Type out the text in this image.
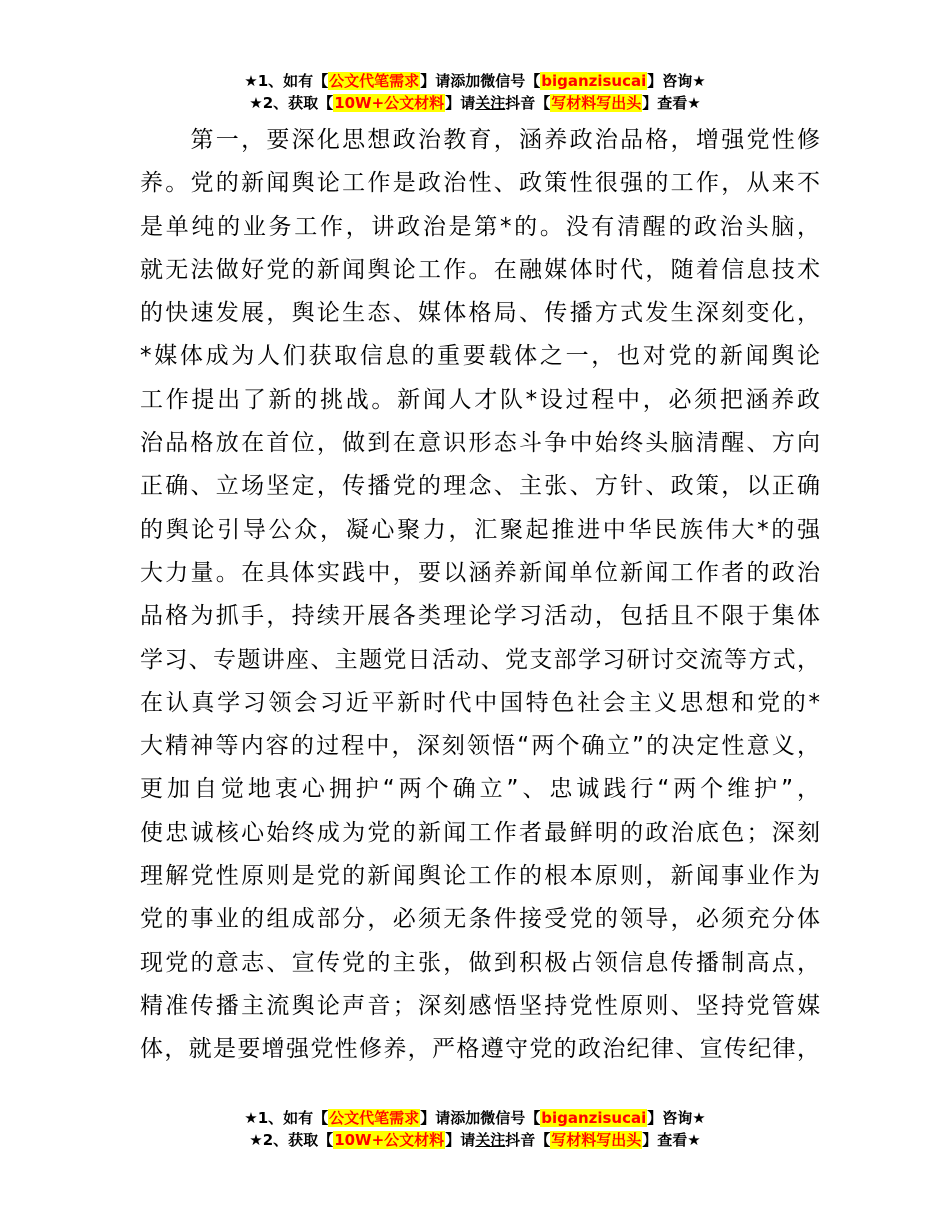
★1、如有【公文代笔需求】请添加微信号【biganzisucai】咨询★
★2、获取【10W+公文材料】请关注抖音【写材料写出头】查看★
　　第一，要深化思想政治教育，涵养政治品格，增强党性修
养。党的新闻舆论工作是政治性、政策性很强的工作，从来不
是单纯的业务工作，讲政治是第*的。没有清醒的政治头脑，
就无法做好党的新闻舆论工作。在融媒体时代，随着信息技术
的快速发展，舆论生态、媒体格局、传播方式发生深刻变化，
*媒体成为人们获取信息的重要载体之一，也对党的新闻舆论
工作提出了新的挑战。新闻人才队*设过程中，必须把涵养政
治品格放在首位，做到在意识形态斗争中始终头脑清醒、方向
正确、立场坚定，传播党的理念、主张、方针、政策，以正确
的舆论引导公众，凝心聚力，汇聚起推进中华民族伟大*的强
大力量。在具体实践中，要以涵养新闻单位新闻工作者的政治
品格为抓手，持续开展各类理论学习活动，包括且不限于集体
学习、专题讲座、主题党日活动、党支部学习研讨交流等方式，
在认真学习领会习近平新时代中国特色社会主义思想和党的*
大精神等内容的过程中，深刻领悟“两个确立”的决定性意义，
更加自觉地衷心拥护“两个确立”、忠诚践行“两个维护”，
使忠诚核心始终成为党的新闻工作者最鲜明的政治底色；深刻
理解党性原则是党的新闻舆论工作的根本原则，新闻事业作为
党的事业的组成部分，必须无条件接受党的领导，必须充分体
现党的意志、宣传党的主张，做到积极占领信息传播制高点，
精准传播主流舆论声音；深刻感悟坚持党性原则、坚持党管媒
体，就是要增强党性修养，严格遵守党的政治纪律、宣传纪律，
★1、如有【公文代笔需求】请添加微信号【biganzisucai】咨询★
★2、获取【10W+公文材料】请关注抖音【写材料写出头】查看★
